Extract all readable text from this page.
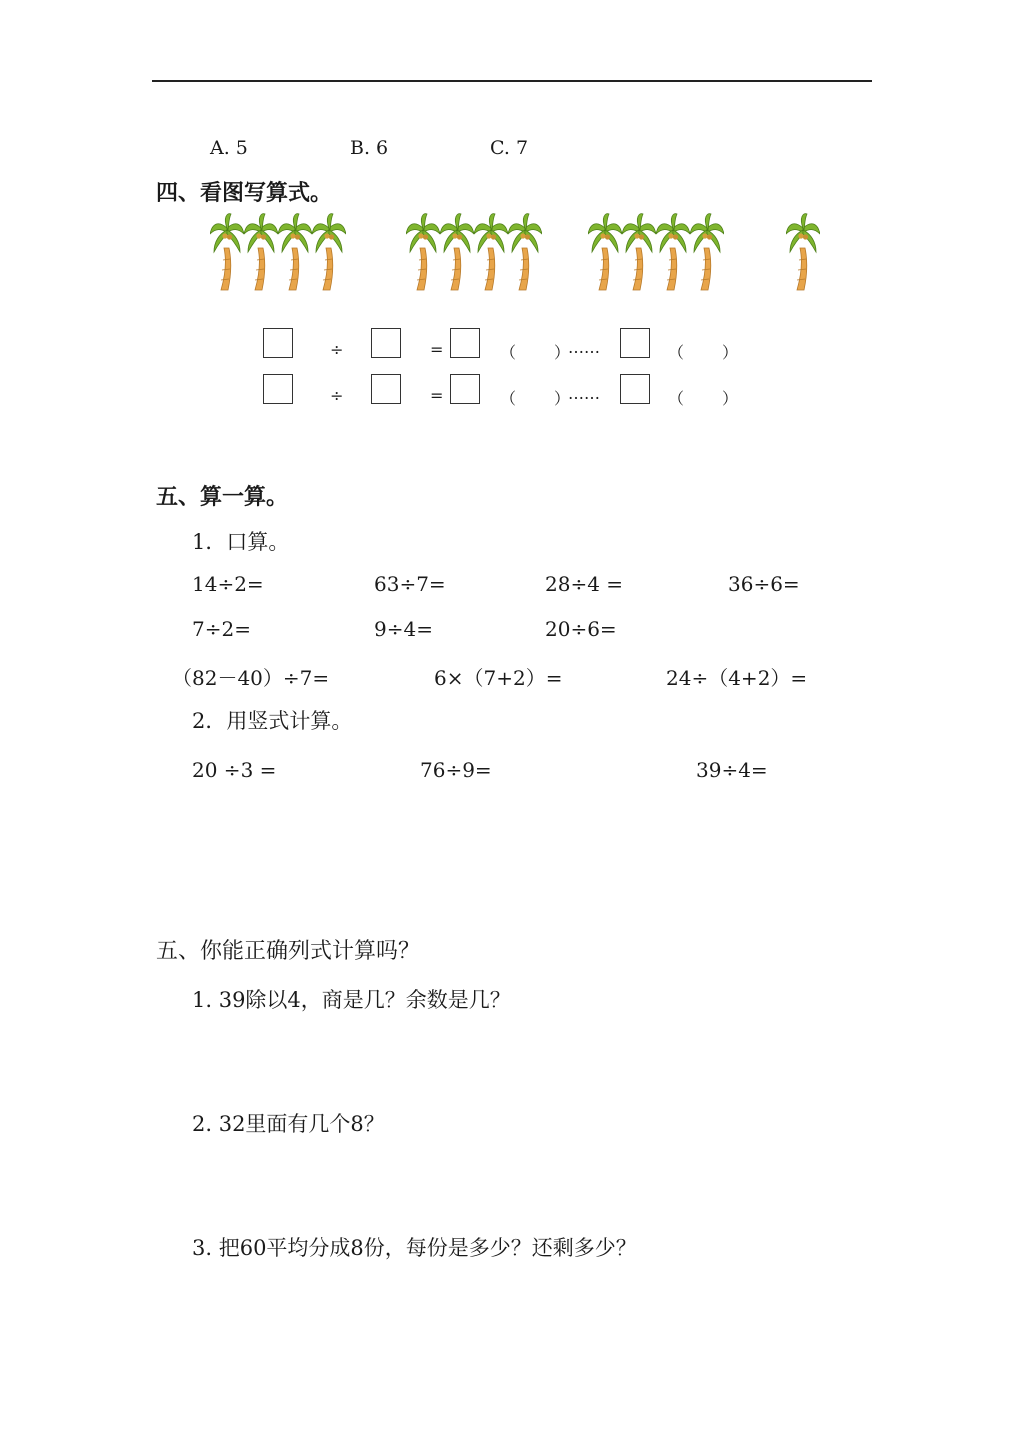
A. 5	B. 6	C. 7
四、看图写算式。
÷	=	（　　）
……	（　　）
÷	=	（　　）
……	（　　）
五、算一算。
1．口算。
14÷2=	63÷7=	28÷4 =	36÷6=
7÷2=	9÷4=	20÷6=
（82－40）÷7=	6×（7+2）=	24÷（4+2）=
2．用竖式计算。
20 ÷3 =	76÷9=	39÷4=
五、你能正确列式计算吗？
1. 39除以4，商是几？余数是几？
2. 32里面有几个8？
3. 把60平均分成8份，每份是多少？还剩多少？
